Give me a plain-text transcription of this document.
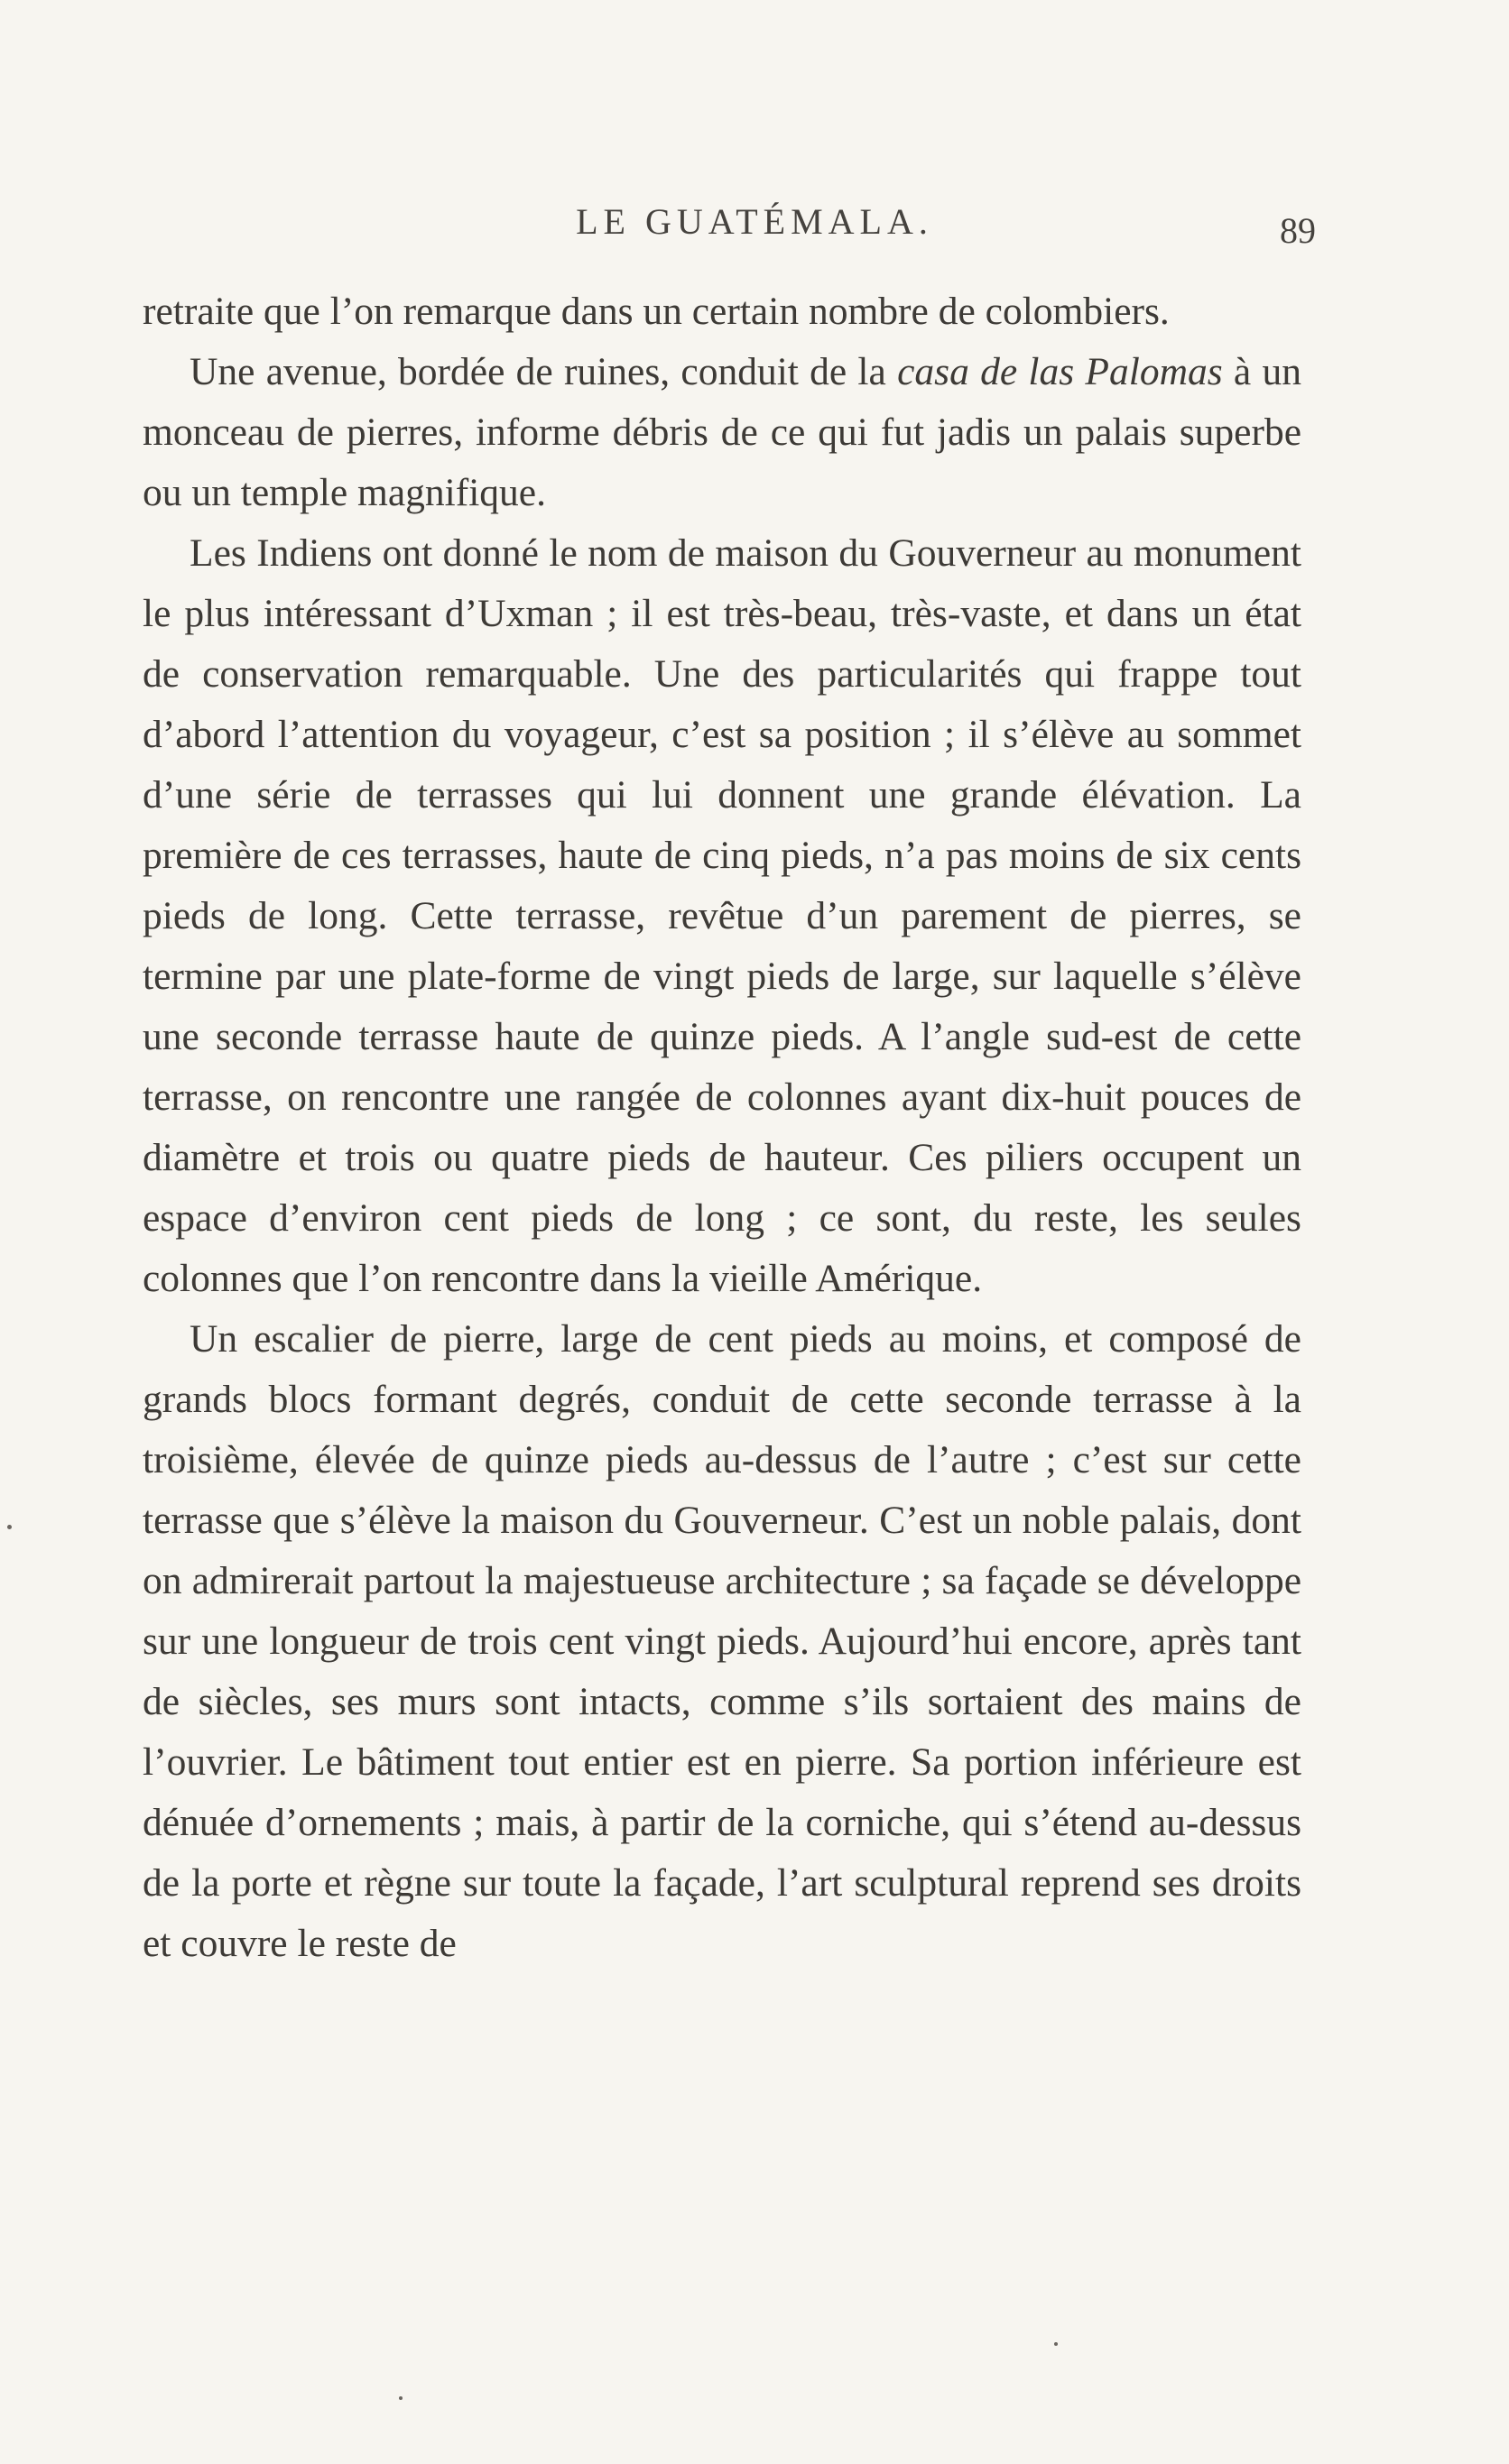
LE GUATÉMALA.	89

retraite que l’on remarque dans un certain nombre de colombiers.

Une avenue, bordée de ruines, conduit de la casa de las Palomas à un monceau de pierres, informe débris de ce qui fut jadis un palais superbe ou un temple magnifique.

Les Indiens ont donné le nom de maison du Gouverneur au monument le plus intéressant d’Uxman ; il est très-beau, très-vaste, et dans un état de conservation remarquable. Une des particularités qui frappe tout d’abord l’attention du voyageur, c’est sa position ; il s’élève au sommet d’une série de terrasses qui lui donnent une grande élévation. La première de ces terrasses, haute de cinq pieds, n’a pas moins de six cents pieds de long. Cette terrasse, revêtue d’un parement de pierres, se termine par une plate-forme de vingt pieds de large, sur laquelle s’élève une seconde terrasse haute de quinze pieds. A l’angle sud-est de cette terrasse, on rencontre une rangée de colonnes ayant dix-huit pouces de diamètre et trois ou quatre pieds de hauteur. Ces piliers occupent un espace d’environ cent pieds de long ; ce sont, du reste, les seules colonnes que l’on rencontre dans la vieille Amérique.

Un escalier de pierre, large de cent pieds au moins, et composé de grands blocs formant degrés, conduit de cette seconde terrasse à la troisième, élevée de quinze pieds au-dessus de l’autre ; c’est sur cette terrasse que s’élève la maison du Gouverneur. C’est un noble palais, dont on admirerait partout la majestueuse architecture ; sa façade se développe sur une longueur de trois cent vingt pieds. Aujourd’hui encore, après tant de siècles, ses murs sont intacts, comme s’ils sortaient des mains de l’ouvrier. Le bâtiment tout entier est en pierre. Sa portion inférieure est dénuée d’ornements ; mais, à partir de la corniche, qui s’étend au-dessus de la porte et règne sur toute la façade, l’art sculptural reprend ses droits et couvre le reste de
